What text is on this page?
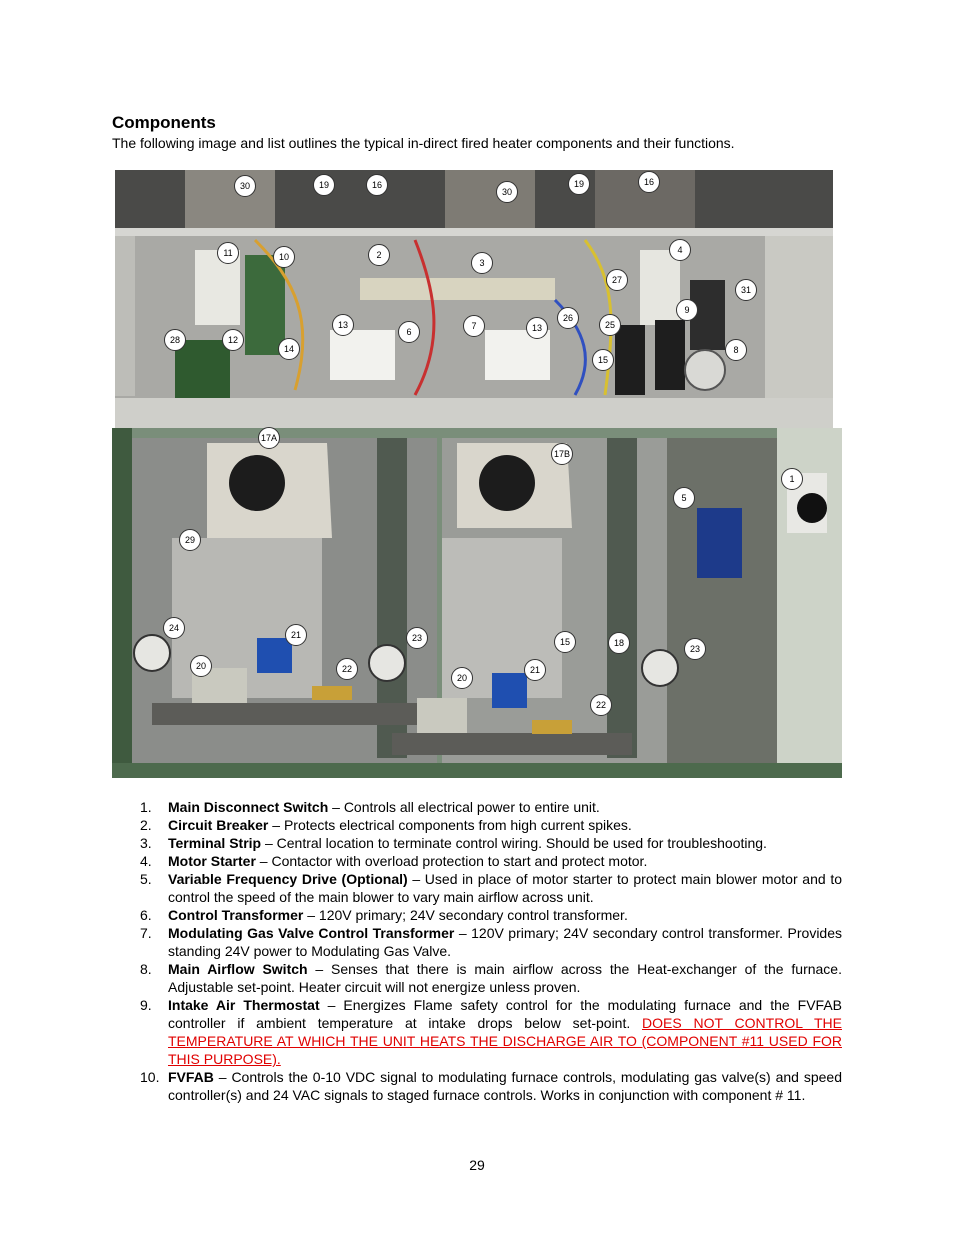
Components
The following image and list outlines the typical in-direct fired heater components and their functions.
30	19	16
30
19	16
11	10	2
3
4
27
31
9
28	12
14
13
6
7	13
26
25
15
8
17A
17B
1
5
29
24
21	23	15	18
23
20	22
20
21
22
1. Main Disconnect Switch – Controls all electrical power to entire unit.
2. Circuit Breaker – Protects electrical components from high current spikes.
3. Terminal Strip – Central location to terminate control wiring. Should be used for troubleshooting.
4. Motor Starter – Contactor with overload protection to start and protect motor.
5. Variable Frequency Drive (Optional) – Used in place of motor starter to protect main blower motor and to control the speed of the main blower to vary main airflow across unit.
6. Control Transformer – 120V primary; 24V secondary control transformer.
7. Modulating Gas Valve Control Transformer – 120V primary; 24V secondary control transformer. Provides standing 24V power to Modulating Gas Valve.
8. Main Airflow Switch – Senses that there is main airflow across the Heat-exchanger of the furnace. Adjustable set-point. Heater circuit will not energize unless proven.
9. Intake Air Thermostat – Energizes Flame safety control for the modulating furnace and the FVFAB controller if ambient temperature at intake drops below set-point. DOES NOT CONTROL THE TEMPERATURE AT WHICH THE UNIT HEATS THE DISCHARGE AIR TO (COMPONENT #11 USED FOR THIS PURPOSE).
10. FVFAB – Controls the 0-10 VDC signal to modulating furnace controls, modulating gas valve(s) and speed controller(s) and 24 VAC signals to staged furnace controls. Works in conjunction with component # 11.
29
